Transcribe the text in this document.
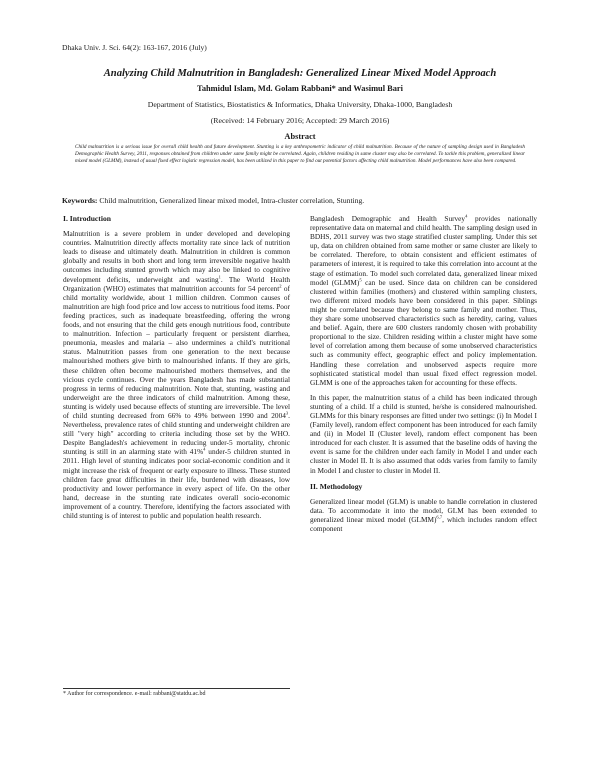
Dhaka Univ. J. Sci. 64(2): 163-167, 2016 (July)
Analyzing Child Malnutrition in Bangladesh: Generalized Linear Mixed Model Approach
Tahmidul Islam, Md. Golam Rabbani* and Wasimul Bari
Department of Statistics, Biostatistics & Informatics, Dhaka University, Dhaka-1000, Bangladesh
(Received: 14 February 2016; Accepted: 29 March 2016)
Abstract

Child malnutrition is a serious issue for overall child health and future development. Stunting is a key anthropometric indicator of child malnutrition. Because of the nature of sampling design used in Bangladesh Demographic Health Survey, 2011, responses obtained from children under same family might be correlated. Again, children residing in same cluster may also be correlated. To tackle this problem, generalized linear mixed model (GLMM), instead of usual fixed effect logistic regression model, has been utilized in this paper to find out potential factors affecting child malnutrition. Model performances have also been compared.

Keywords: Child malnutrition, Generalized linear mixed model, Intra-cluster correlation, Stunting.
I. Introduction

Malnutrition is a severe problem in under developed and developing countries. Malnutrition directly affects mortality rate since lack of nutrition leads to disease and ultimately death. Malnutrition in children is common globally and results in both short and long term irreversible negative health outcomes including stunted growth which may also be linked to cognitive development deficits, underweight and wasting$^1$. The World Health Organization (WHO) estimates that malnutrition accounts for 54 percent$^2$ of child mortality worldwide, about 1 million children. Common causes of malnutrition are high food price and low access to nutritious food items. Poor feeding practices, such as inadequate breastfeeding, offering the wrong foods, and not ensuring that the child gets enough nutritious food, contribute to malnutrition. Infection – particularly frequent or persistent diarrhea, pneumonia, measles and malaria – also undermines a child's nutritional status. Malnutrition passes from one generation to the next because malnourished mothers give birth to malnourished infants. If they are girls, these children often become malnourished mothers themselves, and the vicious cycle continues. Over the years Bangladesh has made substantial progress in terms of reducing malnutrition. Note that, stunting, wasting and underweight are the three indicators of child malnutrition. Among these, stunting is widely used because effects of stunting are irreversible. The level of child stunting decreased from 66% to 49% between 1990 and 2004$^3$. Nevertheless, prevalence rates of child stunting and underweight children are still "very high" according to criteria including those set by the WHO. Despite Bangladesh's achievement in reducing under-5 mortality, chronic stunting is still in an alarming state with 41%$^4$ under-5 children stunted in 2011. High level of stunting indicates poor social-economic condition and it might increase the risk of frequent or early exposure to illness. These stunted children face great difficulties in their life, burdened with diseases, low productivity and lower performance in every aspect of life. On the other hand, decrease in the stunting rate indicates overall socio-economic improvement of a country. Therefore, identifying the factors associated with child stunting is of interest to public and population health research.

Bangladesh Demographic and Health Survey$^4$ provides nationally representative data on maternal and child health. The sampling design used in BDHS, 2011 survey was two stage stratified cluster sampling. Under this set up, data on children obtained from same mother or same cluster are likely to be correlated. Therefore, to obtain consistent and efficient estimates of parameters of interest, it is required to take this correlation into account at the stage of estimation. To model such correlated data, generalized linear mixed model (GLMM)$^5$ can be used. Since data on children can be considered clustered within families (mothers) and clustered within sampling clusters, two different mixed models have been considered in this paper. Siblings might be correlated because they belong to same family and mother. Thus, they share some unobserved characteristics such as heredity, caring, values and belief. Again, there are 600 clusters randomly chosen with probability proportional to the size. Children residing within a cluster might have some level of correlation among them because of some unobserved characteristics such as community effect, geographic effect and policy implementation. Handling these correlation and unobserved aspects require more sophisticated statistical model than usual fixed effect regression model. GLMM is one of the approaches taken for accounting for these effects.

In this paper, the malnutrition status of a child has been indicated through stunting of a child. If a child is stunted, he/she is considered malnourished. GLMMs for this binary responses are fitted under two settings: (i) In Model I (Family level), random effect component has been introduced for each family and (ii) in Model II (Cluster level), random effect component has been introduced for each cluster. It is assumed that the baseline odds of having the event is same for the children under each family in Model I and under each cluster in Model II. It is also assumed that odds varies from family to family in Model I and cluster to cluster in Model II.

II. Methodology

Generalized linear model (GLM) is unable to handle correlation in clustered data. To accommodate it into the model, GLM has been extended to generalized linear mixed model (GLMM)$^{6,7}$, which includes random effect component

* Author for correspondence. e-mail: rabbani@statdu.ac.bd
